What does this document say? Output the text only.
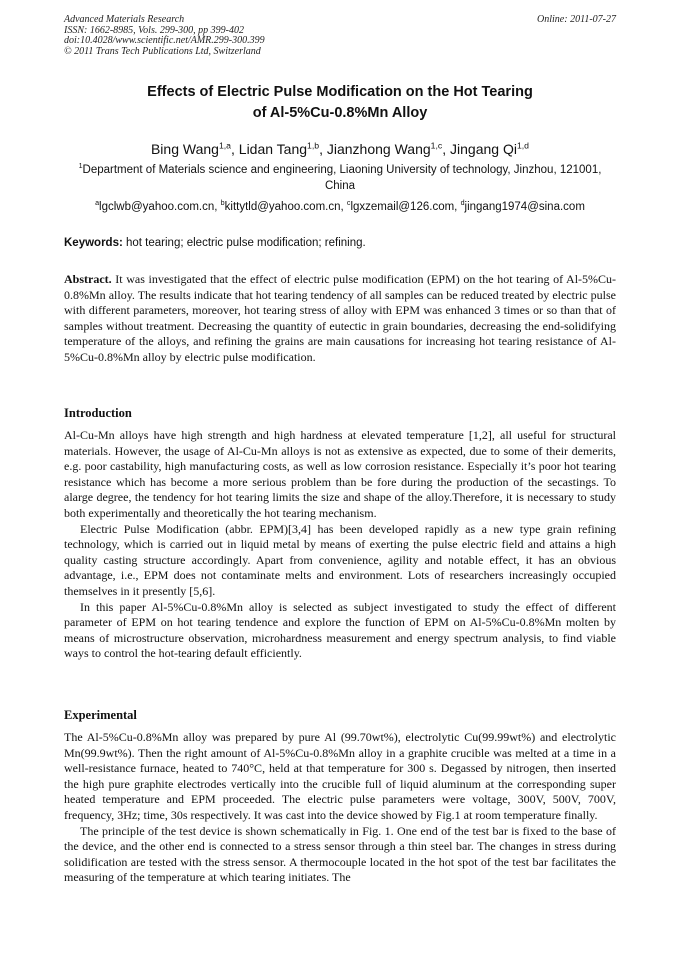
Advanced Materials Research
ISSN: 1662-8985, Vols. 299-300, pp 399-402
doi:10.4028/www.scientific.net/AMR.299-300.399
© 2011 Trans Tech Publications Ltd, Switzerland
Online: 2011-07-27
Effects of Electric Pulse Modification on the Hot Tearing
of Al-5%Cu-0.8%Mn Alloy
Bing Wang$^{1,a}$, Lidan Tang$^{1,b}$, Jianzhong Wang$^{1,c}$, Jingang Qi$^{1,d}$
$^1$Department of Materials science and engineering, Liaoning University of technology, Jinzhou, 121001, China
$^a$lgclwb@yahoo.com.cn, $^b$kittytld@yahoo.com.cn, $^c$lgxzemail@126.com, $^d$jingang1974@sina.com
Keywords: hot tearing; electric pulse modification; refining.

Abstract. It was investigated that the effect of electric pulse modification (EPM) on the hot tearing of Al-5%Cu-0.8%Mn alloy. The results indicate that hot tearing tendency of all samples can be reduced treated by electric pulse with different parameters, moreover, hot tearing stress of alloy with EPM was enhanced 3 times or so than that of samples without treatment. Decreasing the quantity of eutectic in grain boundaries, decreasing the end-solidifying temperature of the alloys, and refining the grains are main causations for increasing hot tearing resistance of Al-5%Cu-0.8%Mn alloy by electric pulse modification.

Introduction

Al-Cu-Mn alloys have high strength and high hardness at elevated temperature [1,2], all useful for structural materials. However, the usage of Al-Cu-Mn alloys is not as extensive as expected, due to some of their demerits, e.g. poor castability, high manufacturing costs, as well as low corrosion resistance. Especially it’s poor hot tearing resistance which has become a more serious problem than be fore during the production of the secastings. To alarge degree, the tendency for hot tearing limits the size and shape of the alloy.Therefore, it is necessary to study both experimentally and theoretically the hot tearing mechanism.

Electric Pulse Modification (abbr. EPM)[3,4] has been developed rapidly as a new type grain refining technology, which is carried out in liquid metal by means of exerting the pulse electric field and attains a high quality casting structure accordingly. Apart from convenience, agility and notable effect, it has an obvious advantage, i.e., EPM does not contaminate melts and environment. Lots of researchers increasingly occupied themselves in it presently [5,6].

In this paper Al-5%Cu-0.8%Mn alloy is selected as subject investigated to study the effect of different parameter of EPM on hot tearing tendence and explore the function of EPM on Al-5%Cu-0.8%Mn molten by means of microstructure observation, microhardness measurement and energy spectrum analysis, to find viable ways to control the hot-tearing default efficiently.

Experimental

The Al-5%Cu-0.8%Mn alloy was prepared by pure Al (99.70wt%), electrolytic Cu(99.99wt%) and electrolytic Mn(99.9wt%). Then the right amount of Al-5%Cu-0.8%Mn alloy in a graphite crucible was melted at a time in a well-resistance furnace, heated to 740°C, held at that temperature for 300 s. Degassed by nitrogen, then inserted the high pure graphite electrodes vertically into the crucible full of liquid aluminum at the corresponding super heated temperature and EPM proceeded. The electric pulse parameters were voltage, 300V, 500V, 700V, frequency, 3Hz; time, 30s respectively. It was cast into the device showed by Fig.1 at room temperature finally.

The principle of the test device is shown schematically in Fig. 1. One end of the test bar is fixed to the base of the device, and the other end is connected to a stress sensor through a thin steel bar. The changes in stress during solidification are tested with the stress sensor. A thermocouple located in the hot spot of the test bar facilitates the measuring of the temperature at which tearing initiates. The
